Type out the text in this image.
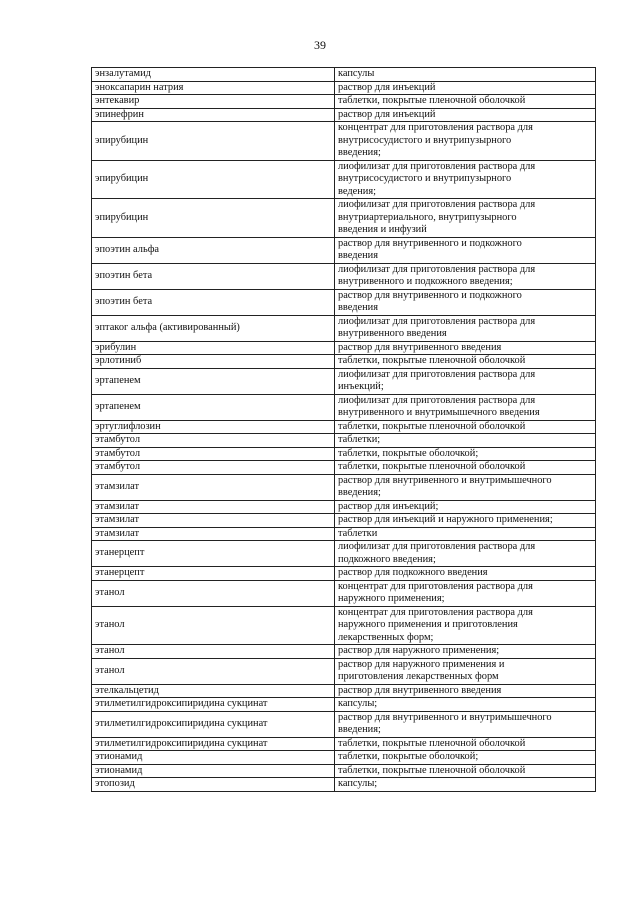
39
энзалутамид	капсулы
эноксапарин натрия	раствор для инъекций
энтекавир	таблетки, покрытые пленочной оболочкой
эпинефрин	раствор для инъекций
эпирубицин	концентрат для приготовления раствора для
внутрисосудистого и внутрипузырного
введения;
эпирубицин	лиофилизат для приготовления раствора для
внутрисосудистого и внутрипузырного
ведения;
эпирубицин	лиофилизат для приготовления раствора для
внутриартериального, внутрипузырного
введения и инфузий
эпоэтин альфа	раствор для внутривенного и подкожного
введения
эпоэтин бета	лиофилизат для приготовления раствора для
внутривенного и подкожного введения;
эпоэтин бета	раствор для внутривенного и подкожного
введения
эптаког альфа (активированный)	лиофилизат для приготовления раствора для
внутривенного введения
эрибулин	раствор для внутривенного введения
эрлотиниб	таблетки, покрытые пленочной оболочкой
эртапенем	лиофилизат для приготовления раствора для
инъекций;
эртапенем	лиофилизат для приготовления раствора для
внутривенного и внутримышечного введения
эртуглифлозин	таблетки, покрытые пленочной оболочкой
этамбутол	таблетки;
этамбутол	таблетки, покрытые оболочкой;
этамбутол	таблетки, покрытые пленочной оболочкой
этамзилат	раствор для внутривенного и внутримышечного
введения;
этамзилат	раствор для инъекций;
этамзилат	раствор для инъекций и наружного применения;
этамзилат	таблетки
этанерцепт	лиофилизат для приготовления раствора для
подкожного введения;
этанерцепт	раствор для подкожного введения
этанол	концентрат для приготовления раствора для
наружного применения;
этанол	концентрат для приготовления раствора для
наружного применения и приготовления
лекарственных форм;
этанол	раствор для наружного применения;
этанол	раствор для наружного применения и
приготовления лекарственных форм
этелкальцетид	раствор для внутривенного введения
этилметилгидроксипиридина сукцинат	капсулы;
этилметилгидроксипиридина сукцинат	раствор для внутривенного и внутримышечного
введения;
этилметилгидроксипиридина сукцинат	таблетки, покрытые пленочной оболочкой
этионамид	таблетки, покрытые оболочкой;
этионамид	таблетки, покрытые пленочной оболочкой
этопозид	капсулы;
